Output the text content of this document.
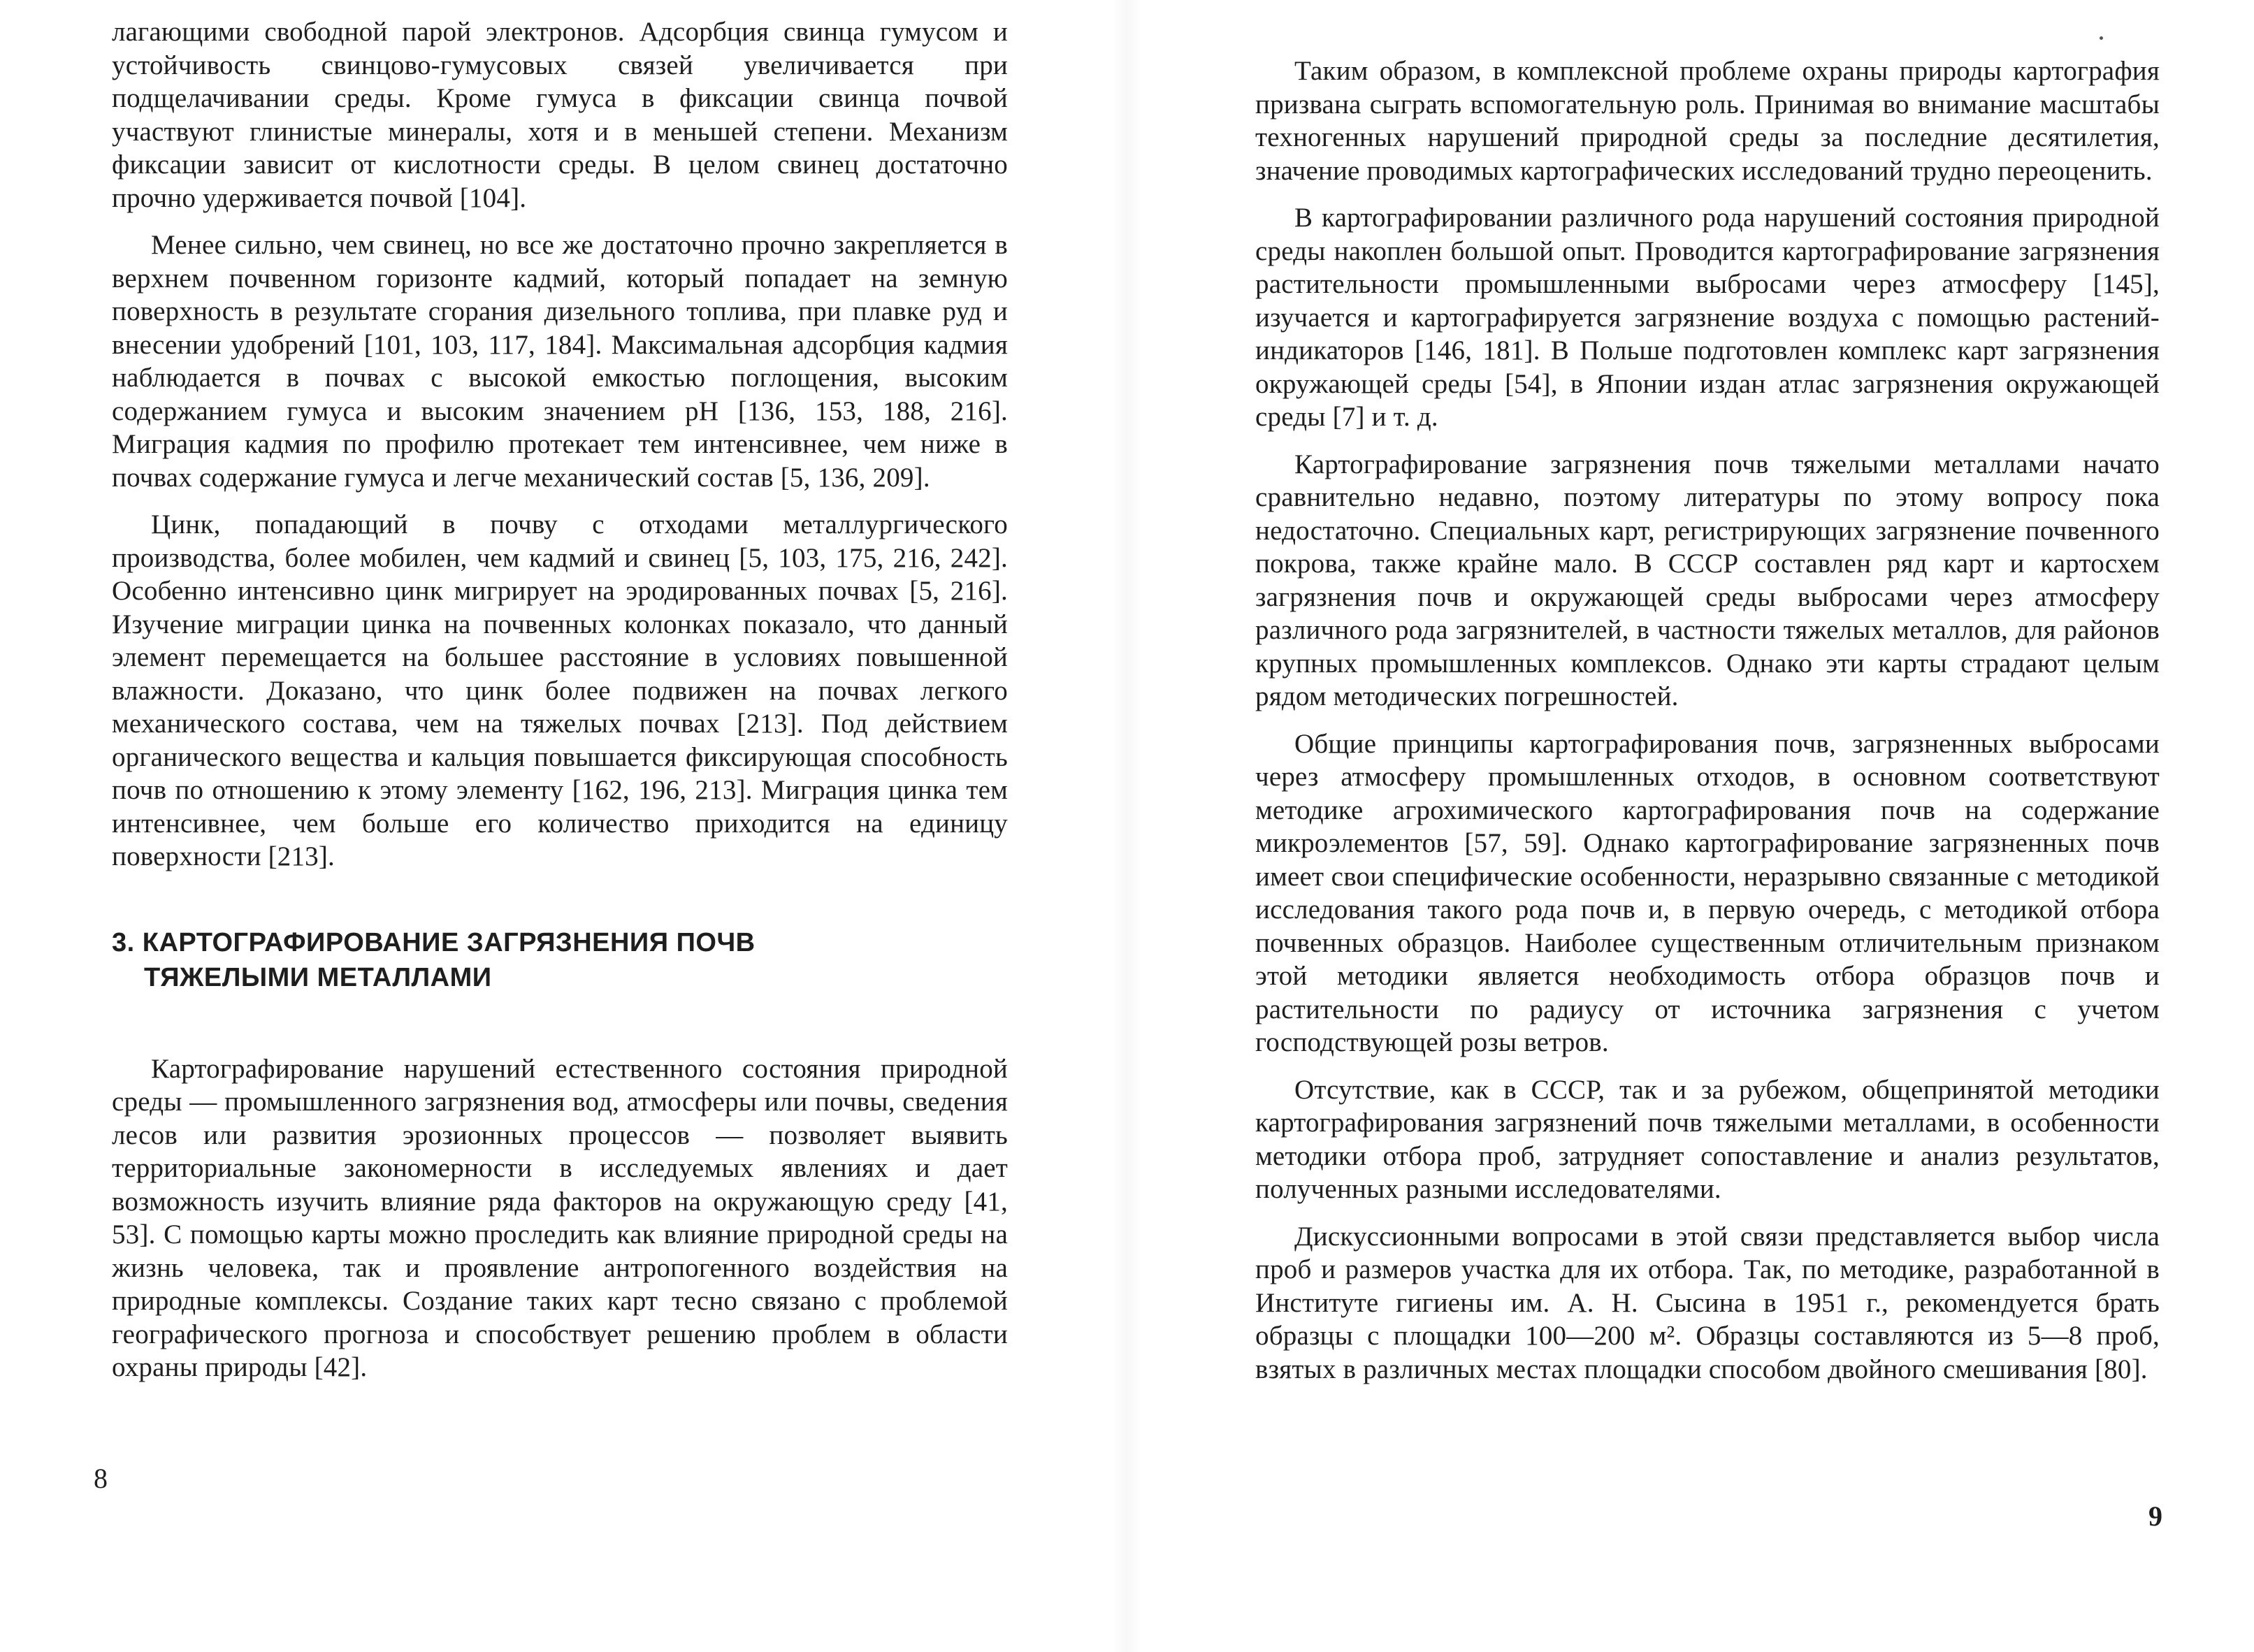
лагающими свободной парой электронов. Адсорбция свинца гумусом и устойчивость свинцово-гумусовых связей увеличивается при подщелачивании среды. Кроме гумуса в фиксации свинца почвой участвуют глинистые минералы, хотя и в меньшей степени. Механизм фиксации зависит от кислотности среды. В целом свинец достаточно прочно удерживается почвой [104].

Менее сильно, чем свинец, но все же достаточно прочно закрепляется в верхнем почвенном горизонте кадмий, который попадает на земную поверхность в результате сгорания дизельного топлива, при плавке руд и внесении удобрений [101, 103, 117, 184]. Максимальная адсорбция кадмия наблюдается в почвах с высокой емкостью поглощения, высоким содержанием гумуса и высоким значением pH [136, 153, 188, 216]. Миграция кадмия по профилю протекает тем интенсивнее, чем ниже в почвах содержание гумуса и легче механический состав [5, 136, 209].

Цинк, попадающий в почву с отходами металлургического производства, более мобилен, чем кадмий и свинец [5, 103, 175, 216, 242]. Особенно интенсивно цинк мигрирует на эродированных почвах [5, 216]. Изучение миграции цинка на почвенных колонках показало, что данный элемент перемещается на большее расстояние в условиях повышенной влажности. Доказано, что цинк более подвижен на почвах легкого механического состава, чем на тяжелых почвах [213]. Под действием органического вещества и кальция повышается фиксирующая способность почв по отношению к этому элементу [162, 196, 213]. Миграция цинка тем интенсивнее, чем больше его количество приходится на единицу поверхности [213].

3. КАРТОГРАФИРОВАНИЕ ЗАГРЯЗНЕНИЯ ПОЧВ
ТЯЖЕЛЫМИ МЕТАЛЛАМИ

Картографирование нарушений естественного состояния природной среды — промышленного загрязнения вод, атмосферы или почвы, сведения лесов или развития эрозионных процессов — позволяет выявить территориальные закономерности в исследуемых явлениях и дает возможность изучить влияние ряда факторов на окружающую среду [41, 53]. С помощью карты можно проследить как влияние природной среды на жизнь человека, так и проявление антропогенного воздействия на природные комплексы. Создание таких карт тесно связано с проблемой географического прогноза и способствует решению проблем в области охраны природы [42].

8

Таким образом, в комплексной проблеме охраны природы картография призвана сыграть вспомогательную роль. Принимая во внимание масштабы техногенных нарушений природной среды за последние десятилетия, значение проводимых картографических исследований трудно переоценить.

В картографировании различного рода нарушений состояния природной среды накоплен большой опыт. Проводится картографирование загрязнения растительности промышленными выбросами через атмосферу [145], изучается и картографируется загрязнение воздуха с помощью растений-индикаторов [146, 181]. В Польше подготовлен комплекс карт загрязнения окружающей среды [54], в Японии издан атлас загрязнения окружающей среды [7] и т. д.

Картографирование загрязнения почв тяжелыми металлами начато сравнительно недавно, поэтому литературы по этому вопросу пока недостаточно. Специальных карт, регистрирующих загрязнение почвенного покрова, также крайне мало. В СССР составлен ряд карт и картосхем загрязнения почв и окружающей среды выбросами через атмосферу различного рода загрязнителей, в частности тяжелых металлов, для районов крупных промышленных комплексов. Однако эти карты страдают целым рядом методических погрешностей.

Общие принципы картографирования почв, загрязненных выбросами через атмосферу промышленных отходов, в основном соответствуют методике агрохимического картографирования почв на содержание микроэлементов [57, 59]. Однако картографирование загрязненных почв имеет свои специфические особенности, неразрывно связанные с методикой исследования такого рода почв и, в первую очередь, с методикой отбора почвенных образцов. Наиболее существенным отличительным признаком этой методики является необходимость отбора образцов почв и растительности по радиусу от источника загрязнения с учетом господствующей розы ветров.

Отсутствие, как в СССР, так и за рубежом, общепринятой методики картографирования загрязнений почв тяжелыми металлами, в особенности методики отбора проб, затрудняет сопоставление и анализ результатов, полученных разными исследователями.

Дискуссионными вопросами в этой связи представляется выбор числа проб и размеров участка для их отбора. Так, по методике, разработанной в Институте гигиены им. А. Н. Сысина в 1951 г., рекомендуется брать образцы с площадки 100—200 м². Образцы составляются из 5—8 проб, взятых в различных местах площадки способом двойного смешивания [80].

9
